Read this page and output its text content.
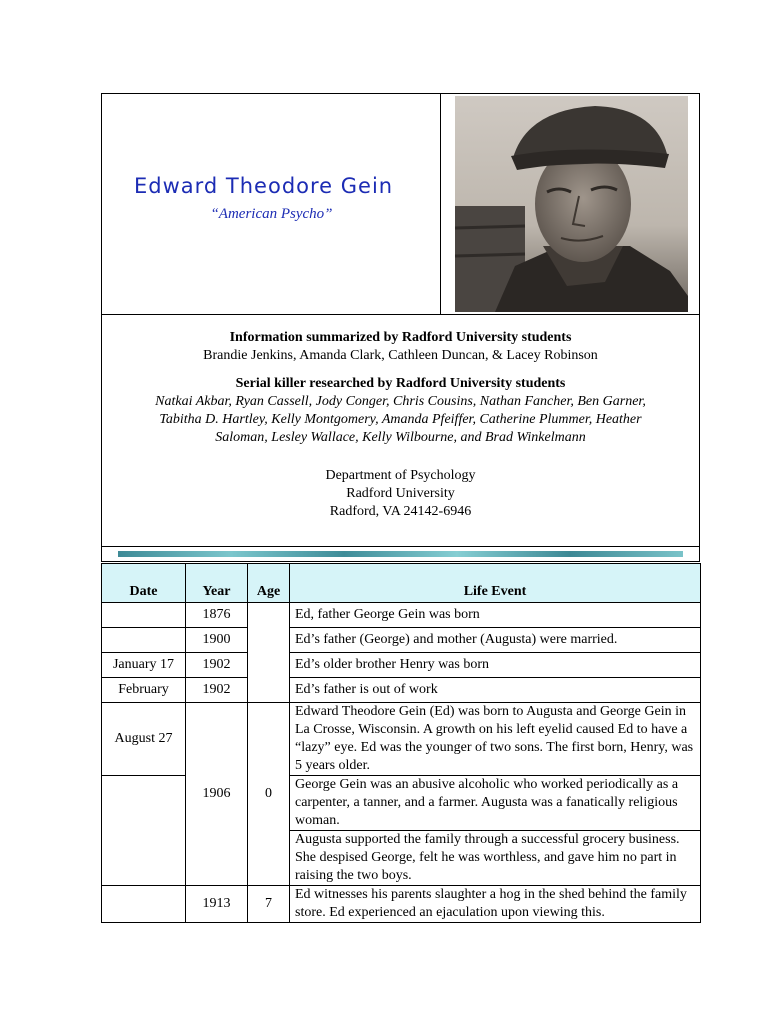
Edward Theodore Gein
“American Psycho”
Information summarized by Radford University students
Brandie Jenkins, Amanda Clark, Cathleen Duncan, & Lacey Robinson
Serial killer researched by Radford University students
Natkai Akbar, Ryan Cassell, Jody Conger, Chris Cousins, Nathan Fancher, Ben Garner,
Tabitha D. Hartley, Kelly Montgomery, Amanda Pfeiffer, Catherine Plummer, Heather
Saloman, Lesley Wallace, Kelly Wilbourne, and Brad Winkelmann
Department of Psychology
Radford University
Radford, VA 24142-6946
Date	Year	Age	Life Event
	1876		Ed, father George Gein was born
	1900		Ed’s father (George) and mother (Augusta) were married.
January 17	1902		Ed’s older brother Henry was born
February	1902		Ed’s father is out of work
August 27	1906	0	Edward Theodore Gein (Ed) was born to Augusta and George Gein in La Crosse, Wisconsin. A growth on his left eyelid caused Ed to have a “lazy” eye. Ed was the younger of two sons. The first born, Henry, was 5 years older.
			George Gein was an abusive alcoholic who worked periodically as a carpenter, a tanner, and a farmer. Augusta was a fanatically religious woman.
			Augusta supported the family through a successful grocery business. She despised George, felt he was worthless, and gave him no part in raising the two boys.
	1913	7	Ed witnesses his parents slaughter a hog in the shed behind the family store. Ed experienced an ejaculation upon viewing this.
